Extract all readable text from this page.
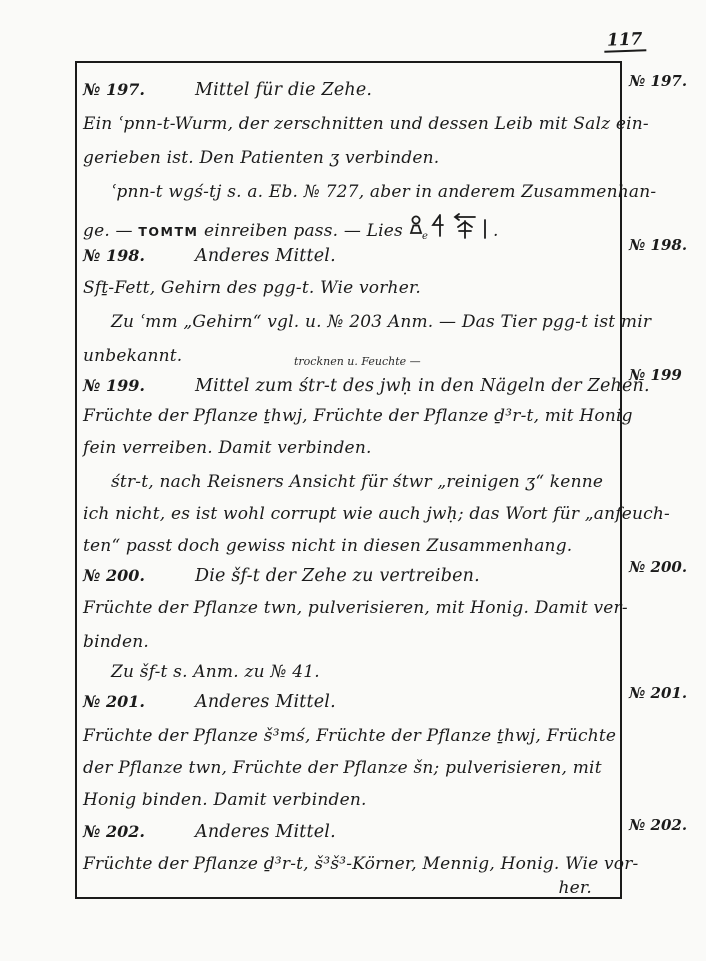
117
№ 197.
№ 198.
№ 199
№ 200.
№ 201.
№ 202.
trocknen u. Feuchte —
№ 197.	Mittel für die Zehe.
Ein ʿpnn-t-Wurm, der zerschnitten und dessen Leib mit Salz ein-
gerieben ist. Den Patienten ʒ verbinden.
ʿpnn-t wgś-tj s. a. Eb. № 727, aber in anderem Zusammenhan-
ge. — TOMTM einreiben pass. — Lies e	.
№ 198.	Anderes Mittel.
Sfṯ-Fett, Gehirn des pgg-t. Wie vorher.
Zu ʿmm „Gehirn“ vgl. u. № 203 Anm. — Das Tier pgg-t ist mir
unbekannt.
№ 199.	Mittel zum śtr-t des jwḥ in den Nägeln der Zehen.
Früchte der Pflanze ṯhwj, Früchte der Pflanze ḏ³r-t, mit Honig
fein verreiben. Damit verbinden.
śtr-t, nach Reisners Ansicht für śtwr „reinigen ʒ“ kenne
ich nicht, es ist wohl corrupt wie auch jwḥ; das Wort für „anfeuch-
ten“ passt doch gewiss nicht in diesen Zusammenhang.
№ 200.	Die šf-t der Zehe zu vertreiben.
Früchte der Pflanze twn, pulverisieren, mit Honig. Damit ver-
binden.
Zu šf-t s. Anm. zu № 41.
№ 201.	Anderes Mittel.
Früchte der Pflanze š³mś, Früchte der Pflanze ṯhwj, Früchte
der Pflanze twn, Früchte der Pflanze šn; pulverisieren, mit
Honig binden. Damit verbinden.
№ 202.	Anderes Mittel.
Früchte der Pflanze ḏ³r-t, š³š³-Körner, Mennig, Honig. Wie vor-
her.
